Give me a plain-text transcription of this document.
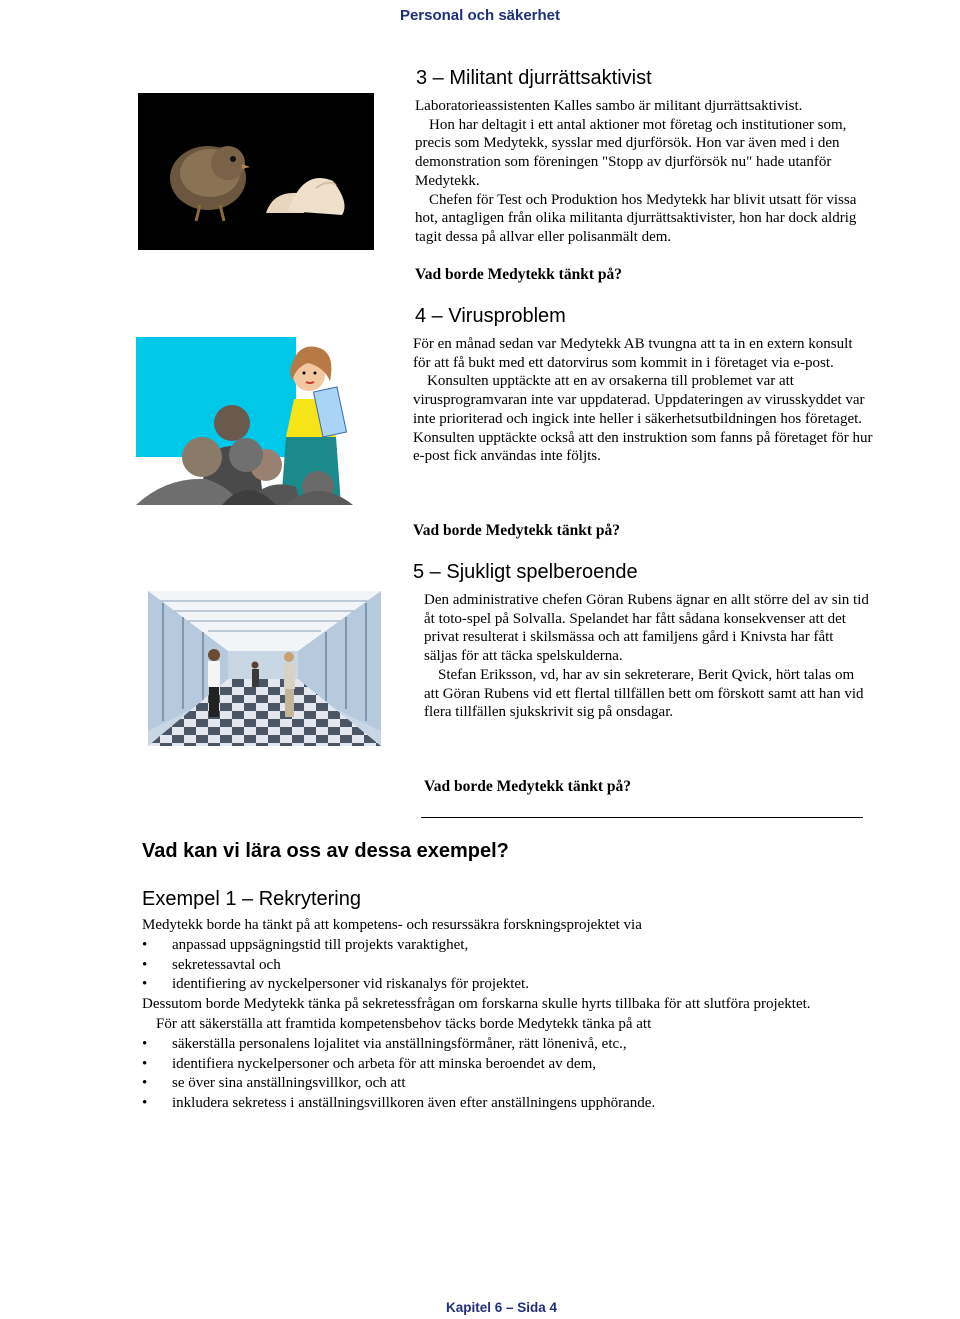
Personal och säkerhet
3 – Militant djurrättsaktivist

Laboratorieassistenten Kalles sambo är militant djurrättsaktivist.

Hon har deltagit i ett antal aktioner mot företag och institutioner som, precis som Medytekk, sysslar med djurförsök. Hon var även med i den demonstration som föreningen "Stopp av djurförsök nu" hade utanför Medytekk.

Chefen för Test och Produktion hos Medytekk har blivit utsatt för vissa hot, antagligen från olika militanta djurrättsaktivister, hon har dock aldrig tagit dessa på allvar eller polisanmält dem.

Vad borde Medytekk tänkt på?
4 – Virusproblem

För en månad sedan var Medytekk AB tvungna att ta in en extern konsult för att få bukt med ett datorvirus som kommit in i företaget via e-post.

Konsulten upptäckte att en av orsakerna till problemet var att virusprogramvaran inte var uppdaterad. Uppdateringen av virusskyddet var inte prioriterad och ingick inte heller i säkerhetsutbildningen hos företaget. Konsulten upptäckte också att den instruktion som fanns på företaget för hur e-post fick användas inte följts.

Vad borde Medytekk tänkt på?
5 – Sjukligt spelberoende

Den administrative chefen Göran Rubens ägnar en allt större del av sin tid åt toto-spel på Solvalla. Spelandet har fått sådana konsekvenser att det privat resulterat i skilsmässa och att familjens gård i Knivsta har fått säljas för att täcka spelskulderna.

Stefan Eriksson, vd, har av sin sekreterare, Berit Qvick, hört talas om att Göran Rubens vid ett flertal tillfällen bett om förskott samt att han vid flera tillfällen sjukskrivit sig på onsdagar.

Vad borde Medytekk tänkt på?
Vad kan vi lära oss av dessa exempel?
Exempel 1 – Rekrytering

Medytekk borde ha tänkt på att kompetens- och resurssäkra forskningsprojektet via

•	anpassad uppsägningstid till projekts varaktighet,
•	sekretessavtal och
•	identifiering av nyckelpersoner vid riskanalys för projektet.

Dessutom borde Medytekk tänka på sekretessfrågan om forskarna skulle hyrts tillbaka för att slutföra projektet.

För att säkerställa att framtida kompetensbehov täcks borde Medytekk tänka på att

•	säkerställa personalens lojalitet via anställningsförmåner, rätt lönenivå, etc.,
•	identifiera nyckelpersoner och arbeta för att minska beroendet av dem,
•	se över sina anställningsvillkor, och att
•	inkludera sekretess i anställningsvillkoren även efter anställningens upphörande.
Kapitel 6 – Sida 4
